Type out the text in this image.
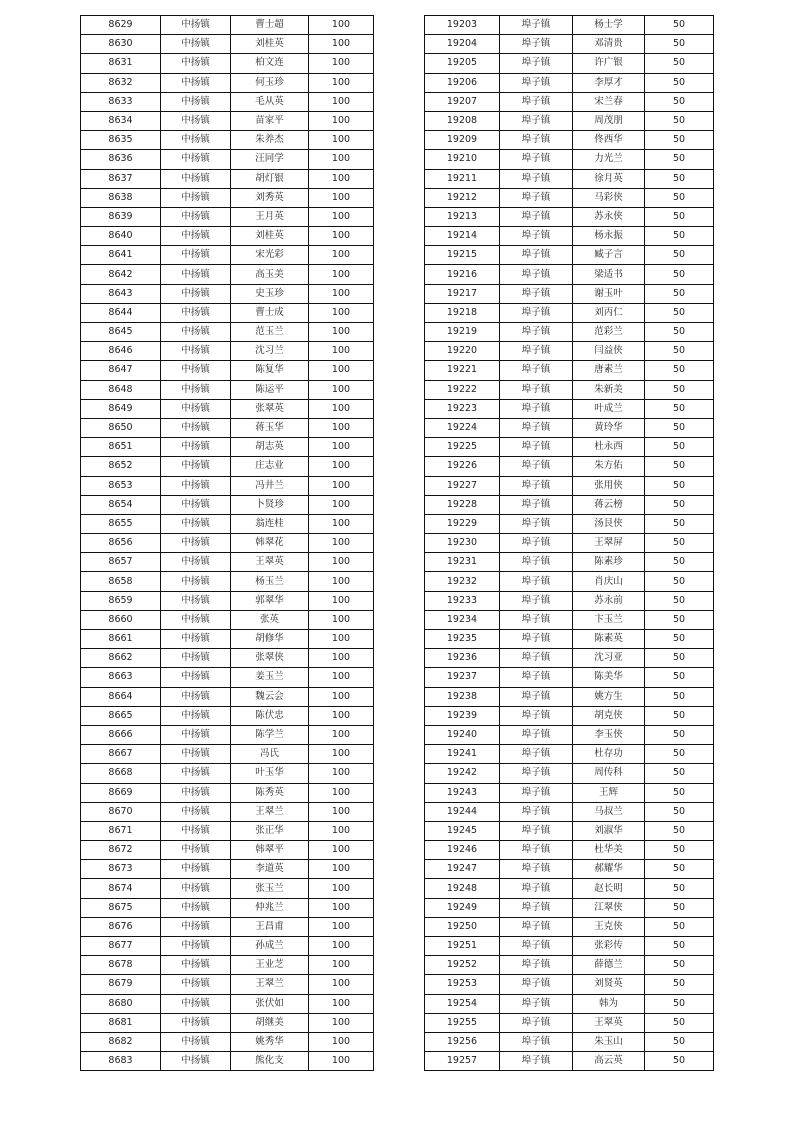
8629	中扬镇	曹士超	100
8630	中扬镇	刘桂英	100
8631	中扬镇	柏文连	100
8632	中扬镇	何玉珍	100
8633	中扬镇	毛从英	100
8634	中扬镇	苗家平	100
8635	中扬镇	朱养杰	100
8636	中扬镇	汪同学	100
8637	中扬镇	胡灯银	100
8638	中扬镇	刘秀英	100
8639	中扬镇	王月英	100
8640	中扬镇	刘桂英	100
8641	中扬镇	宋光彩	100
8642	中扬镇	高玉美	100
8643	中扬镇	史玉珍	100
8644	中扬镇	曹士成	100
8645	中扬镇	范玉兰	100
8646	中扬镇	沈习兰	100
8647	中扬镇	陈复华	100
8648	中扬镇	陈运平	100
8649	中扬镇	张翠英	100
8650	中扬镇	蒋玉华	100
8651	中扬镇	胡志英	100
8652	中扬镇	庄志业	100
8653	中扬镇	冯井兰	100
8654	中扬镇	卜贤珍	100
8655	中扬镇	翁连桂	100
8656	中扬镇	韩翠花	100
8657	中扬镇	王翠英	100
8658	中扬镇	杨玉兰	100
8659	中扬镇	郭翠华	100
8660	中扬镇	张英	100
8661	中扬镇	胡修华	100
8662	中扬镇	张翠侠	100
8663	中扬镇	姜玉兰	100
8664	中扬镇	魏云会	100
8665	中扬镇	陈伏忠	100
8666	中扬镇	陈学兰	100
8667	中扬镇	冯氏	100
8668	中扬镇	叶玉华	100
8669	中扬镇	陈秀英	100
8670	中扬镇	王翠兰	100
8671	中扬镇	张正华	100
8672	中扬镇	韩翠平	100
8673	中扬镇	李道英	100
8674	中扬镇	张玉兰	100
8675	中扬镇	仲兆兰	100
8676	中扬镇	王昌甫	100
8677	中扬镇	孙成兰	100
8678	中扬镇	王业芝	100
8679	中扬镇	王翠兰	100
8680	中扬镇	张伏如	100
8681	中扬镇	胡继美	100
8682	中扬镇	姚秀华	100
8683	中扬镇	熊化支	100
19203	埠子镇	杨士学	50
19204	埠子镇	邓清贵	50
19205	埠子镇	许广银	50
19206	埠子镇	李厚才	50
19207	埠子镇	宋兰春	50
19208	埠子镇	周茂朋	50
19209	埠子镇	佟西华	50
19210	埠子镇	力光兰	50
19211	埠子镇	徐月英	50
19212	埠子镇	马彩侠	50
19213	埠子镇	苏永侠	50
19214	埠子镇	杨永振	50
19215	埠子镇	臧子言	50
19216	埠子镇	梁适书	50
19217	埠子镇	谢玉叶	50
19218	埠子镇	刘丙仁	50
19219	埠子镇	范彩兰	50
19220	埠子镇	闫益侠	50
19221	埠子镇	唐素兰	50
19222	埠子镇	朱新美	50
19223	埠子镇	叶成兰	50
19224	埠子镇	黄玲华	50
19225	埠子镇	杜永西	50
19226	埠子镇	朱方佑	50
19227	埠子镇	张用侠	50
19228	埠子镇	蒋云榜	50
19229	埠子镇	汤艮侠	50
19230	埠子镇	王翠屏	50
19231	埠子镇	陈素珍	50
19232	埠子镇	肖庆山	50
19233	埠子镇	苏永前	50
19234	埠子镇	卞玉兰	50
19235	埠子镇	陈素英	50
19236	埠子镇	沈习亚	50
19237	埠子镇	陈美华	50
19238	埠子镇	姚方生	50
19239	埠子镇	胡克侠	50
19240	埠子镇	李玉侠	50
19241	埠子镇	杜存功	50
19242	埠子镇	周传科	50
19243	埠子镇	王辉	50
19244	埠子镇	马叔兰	50
19245	埠子镇	刘淑华	50
19246	埠子镇	杜华美	50
19247	埠子镇	郝耀华	50
19248	埠子镇	赵长明	50
19249	埠子镇	江翠侠	50
19250	埠子镇	王克侠	50
19251	埠子镇	张彩传	50
19252	埠子镇	薛德兰	50
19253	埠子镇	刘贤英	50
19254	埠子镇	韩为	50
19255	埠子镇	王翠英	50
19256	埠子镇	朱玉山	50
19257	埠子镇	高云英	50
